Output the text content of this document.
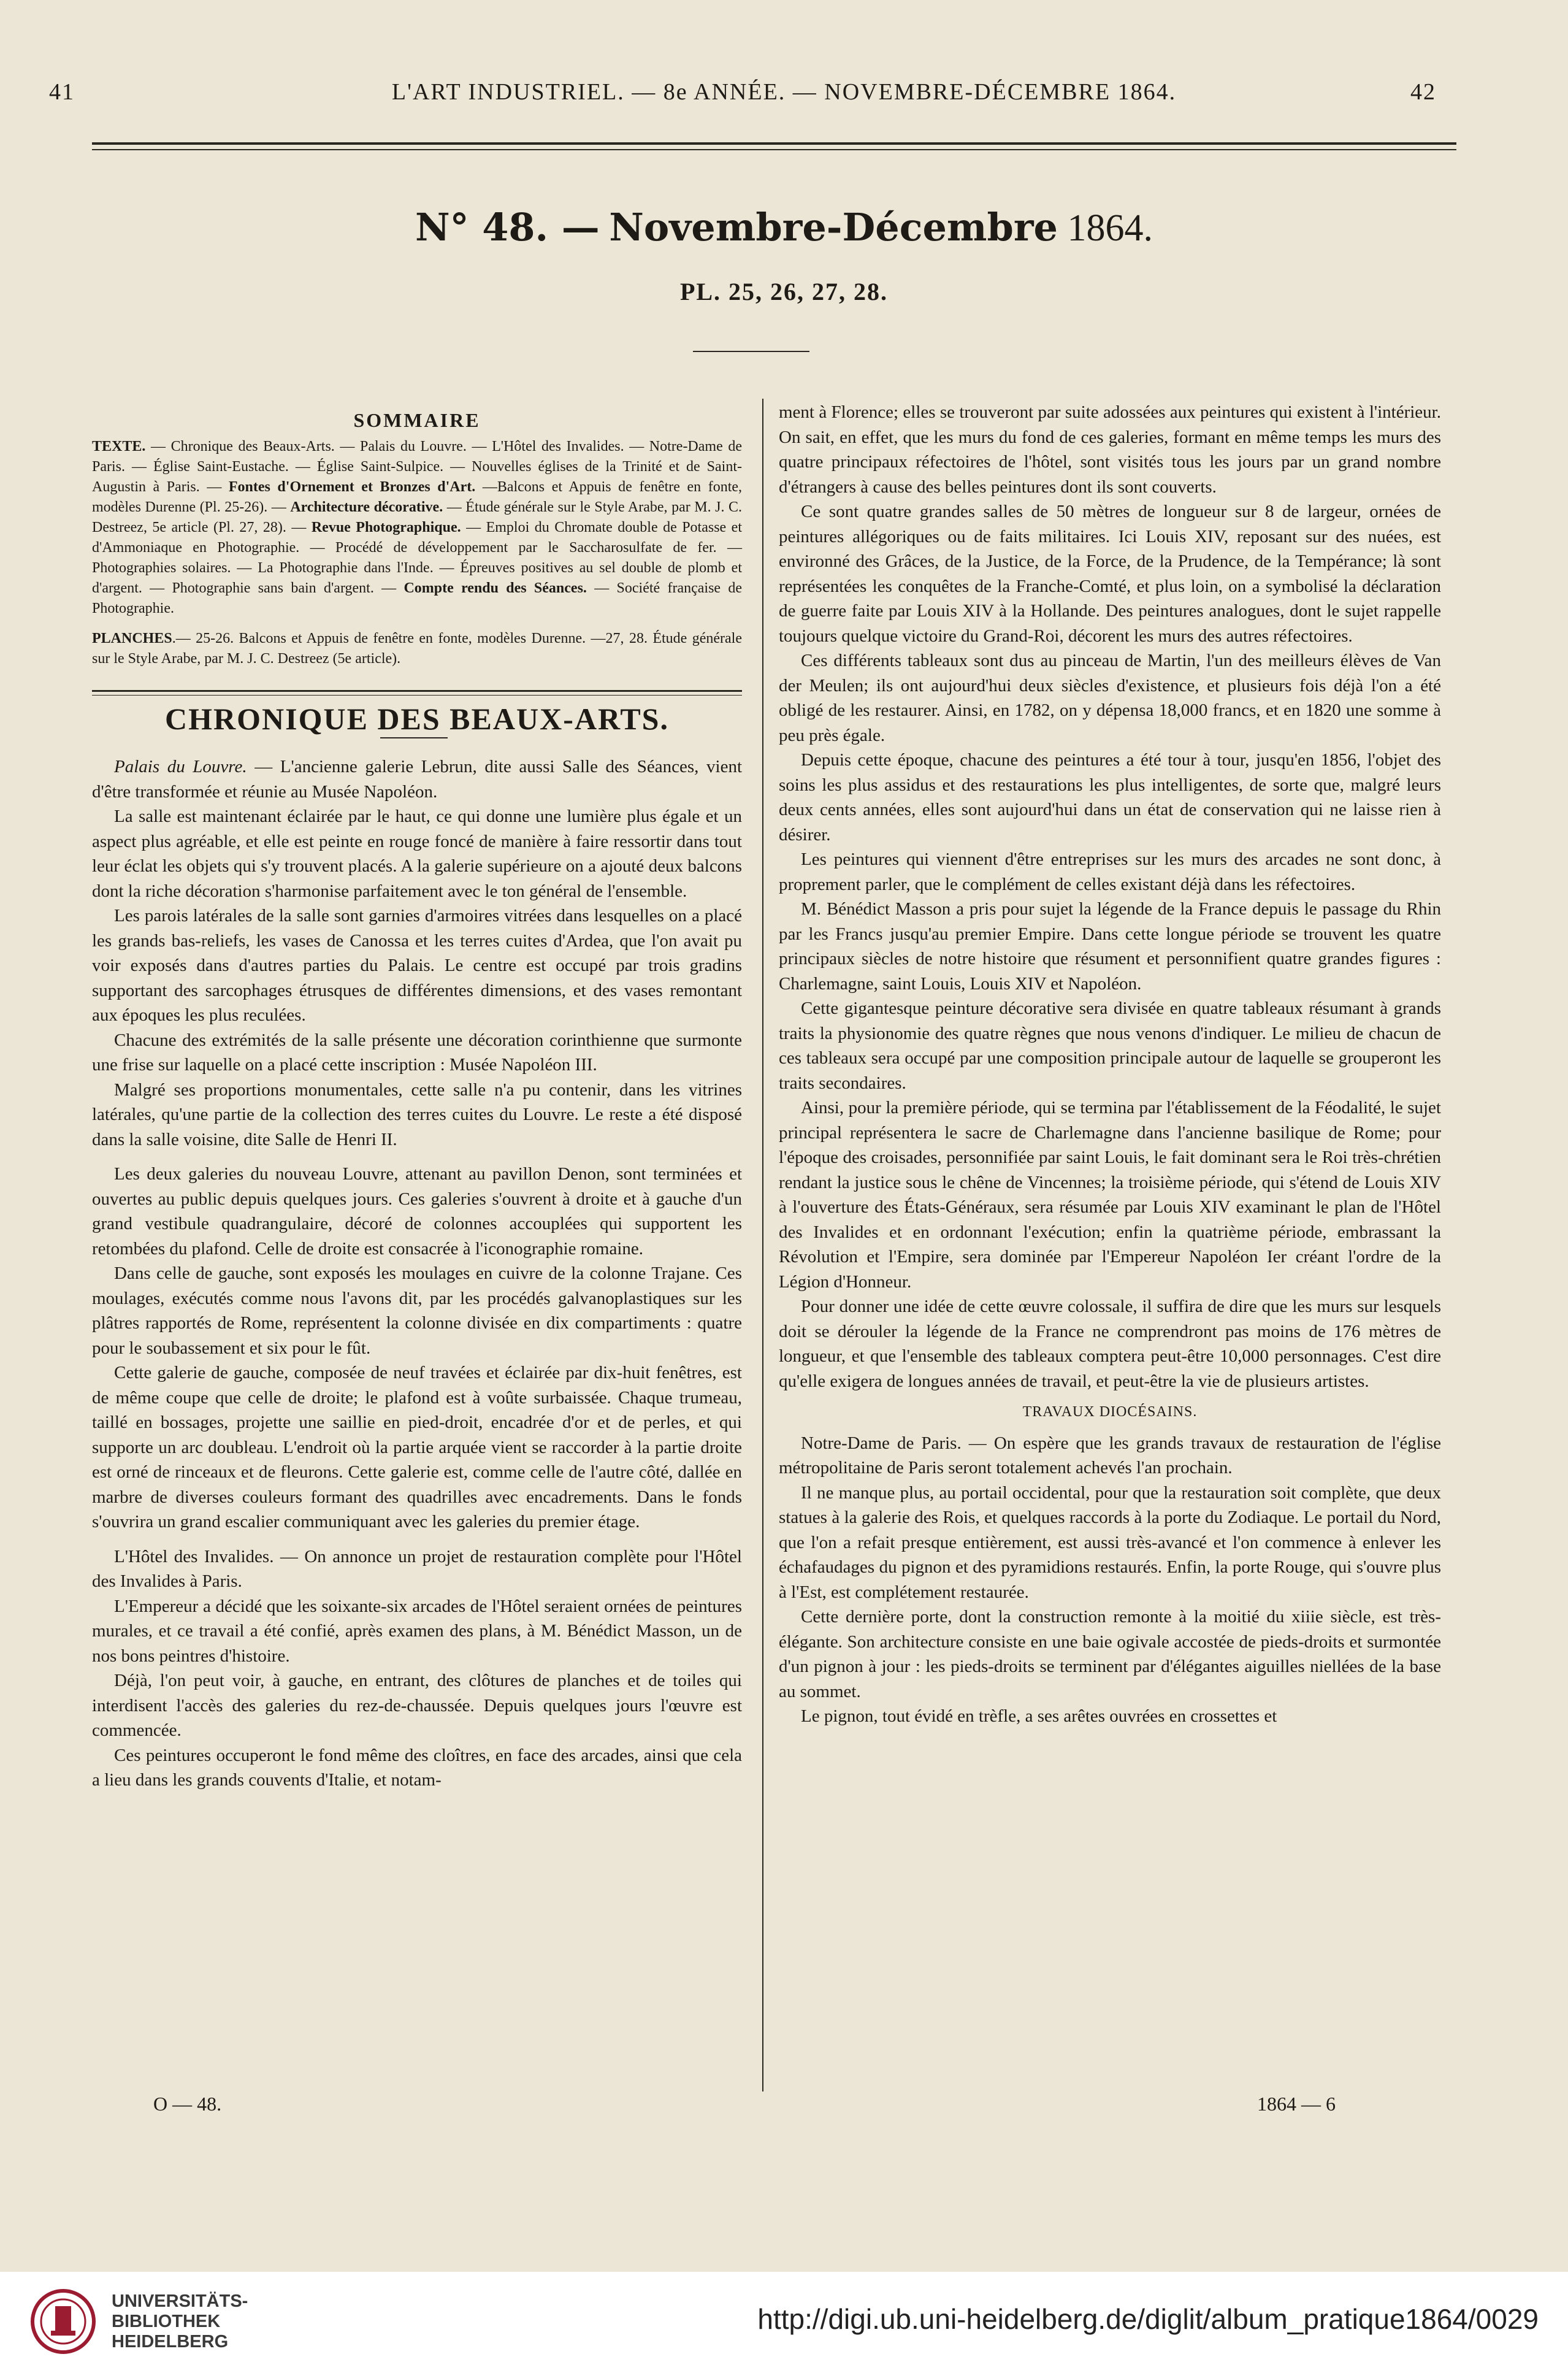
41	L'ART INDUSTRIEL. — 8e ANNÉE. — NOVEMBRE-DÉCEMBRE 1864.	42
N° 48. — Novembre-Décembre 1864.
PL. 25, 26, 27, 28.
SOMMAIRE

TEXTE. — Chronique des Beaux-Arts. — Palais du Louvre. — L'Hôtel des Invalides. — Notre-Dame de Paris. — Église Saint-Eustache. — Église Saint-Sulpice. — Nouvelles églises de la Trinité et de Saint-Augustin à Paris. — Fontes d'Ornement et Bronzes d'Art. —Balcons et Appuis de fenêtre en fonte, modèles Durenne (Pl. 25-26). — Architecture décorative. — Étude générale sur le Style Arabe, par M. J. C. Destreez, 5e article (Pl. 27, 28). — Revue Photographique. — Emploi du Chromate double de Potasse et d'Ammoniaque en Photographie. — Procédé de développement par le Saccharosulfate de fer. — Photographies solaires. — La Photographie dans l'Inde. — Épreuves positives au sel double de plomb et d'argent. — Photographie sans bain d'argent. — Compte rendu des Séances. — Société française de Photographie.

PLANCHES.— 25-26. Balcons et Appuis de fenêtre en fonte, modèles Durenne. —27, 28. Étude générale sur le Style Arabe, par M. J. C. Destreez (5e article).

CHRONIQUE DES BEAUX-ARTS.

Palais du Louvre. — L'ancienne galerie Lebrun, dite aussi Salle des Séances, vient d'être transformée et réunie au Musée Napoléon.

La salle est maintenant éclairée par le haut, ce qui donne une lumière plus égale et un aspect plus agréable, et elle est peinte en rouge foncé de manière à faire ressortir dans tout leur éclat les objets qui s'y trouvent placés. A la galerie supérieure on a ajouté deux balcons dont la riche décoration s'harmonise parfaitement avec le ton général de l'ensemble.

Les parois latérales de la salle sont garnies d'armoires vitrées dans lesquelles on a placé les grands bas-reliefs, les vases de Canossa et les terres cuites d'Ardea, que l'on avait pu voir exposés dans d'autres parties du Palais. Le centre est occupé par trois gradins supportant des sarcophages étrusques de différentes dimensions, et des vases remontant aux époques les plus reculées.

Chacune des extrémités de la salle présente une décoration corinthienne que surmonte une frise sur laquelle on a placé cette inscription : Musée Napoléon III.

Malgré ses proportions monumentales, cette salle n'a pu contenir, dans les vitrines latérales, qu'une partie de la collection des terres cuites du Louvre. Le reste a été disposé dans la salle voisine, dite Salle de Henri II.

Les deux galeries du nouveau Louvre, attenant au pavillon Denon, sont terminées et ouvertes au public depuis quelques jours. Ces galeries s'ouvrent à droite et à gauche d'un grand vestibule quadrangulaire, décoré de colonnes accouplées qui supportent les retombées du plafond. Celle de droite est consacrée à l'iconographie romaine.

Dans celle de gauche, sont exposés les moulages en cuivre de la colonne Trajane. Ces moulages, exécutés comme nous l'avons dit, par les procédés galvanoplastiques sur les plâtres rapportés de Rome, représentent la colonne divisée en dix compartiments : quatre pour le soubassement et six pour le fût.

Cette galerie de gauche, composée de neuf travées et éclairée par dix-huit fenêtres, est de même coupe que celle de droite; le plafond est à voûte surbaissée. Chaque trumeau, taillé en bossages, projette une saillie en pied-droit, encadrée d'or et de perles, et qui supporte un arc doubleau. L'endroit où la partie arquée vient se raccorder à la partie droite est orné de rinceaux et de fleurons. Cette galerie est, comme celle de l'autre côté, dallée en marbre de diverses couleurs formant des quadrilles avec encadrements. Dans le fonds s'ouvrira un grand escalier communiquant avec les galeries du premier étage.

L'Hôtel des Invalides. — On annonce un projet de restauration complète pour l'Hôtel des Invalides à Paris.

L'Empereur a décidé que les soixante-six arcades de l'Hôtel seraient ornées de peintures murales, et ce travail a été confié, après examen des plans, à M. Bénédict Masson, un de nos bons peintres d'histoire.

Déjà, l'on peut voir, à gauche, en entrant, des clôtures de planches et de toiles qui interdisent l'accès des galeries du rez-de-chaussée. Depuis quelques jours l'œuvre est commencée.

Ces peintures occuperont le fond même des cloîtres, en face des arcades, ainsi que cela a lieu dans les grands couvents d'Italie, et notam-

ment à Florence; elles se trouveront par suite adossées aux peintures qui existent à l'intérieur. On sait, en effet, que les murs du fond de ces galeries, formant en même temps les murs des quatre principaux réfectoires de l'hôtel, sont visités tous les jours par un grand nombre d'étrangers à cause des belles peintures dont ils sont couverts.

Ce sont quatre grandes salles de 50 mètres de longueur sur 8 de largeur, ornées de peintures allégoriques ou de faits militaires. Ici Louis XIV, reposant sur des nuées, est environné des Grâces, de la Justice, de la Force, de la Prudence, de la Tempérance; là sont représentées les conquêtes de la Franche-Comté, et plus loin, on a symbolisé la déclaration de guerre faite par Louis XIV à la Hollande. Des peintures analogues, dont le sujet rappelle toujours quelque victoire du Grand-Roi, décorent les murs des autres réfectoires.

Ces différents tableaux sont dus au pinceau de Martin, l'un des meilleurs élèves de Van der Meulen; ils ont aujourd'hui deux siècles d'existence, et plusieurs fois déjà l'on a été obligé de les restaurer. Ainsi, en 1782, on y dépensa 18,000 francs, et en 1820 une somme à peu près égale.

Depuis cette époque, chacune des peintures a été tour à tour, jusqu'en 1856, l'objet des soins les plus assidus et des restaurations les plus intelligentes, de sorte que, malgré leurs deux cents années, elles sont aujourd'hui dans un état de conservation qui ne laisse rien à désirer.

Les peintures qui viennent d'être entreprises sur les murs des arcades ne sont donc, à proprement parler, que le complément de celles existant déjà dans les réfectoires.

M. Bénédict Masson a pris pour sujet la légende de la France depuis le passage du Rhin par les Francs jusqu'au premier Empire. Dans cette longue période se trouvent les quatre principaux siècles de notre histoire que résument et personnifient quatre grandes figures : Charlemagne, saint Louis, Louis XIV et Napoléon.

Cette gigantesque peinture décorative sera divisée en quatre tableaux résumant à grands traits la physionomie des quatre règnes que nous venons d'indiquer. Le milieu de chacun de ces tableaux sera occupé par une composition principale autour de laquelle se grouperont les traits secondaires.

Ainsi, pour la première période, qui se termina par l'établissement de la Féodalité, le sujet principal représentera le sacre de Charlemagne dans l'ancienne basilique de Rome; pour l'époque des croisades, personnifiée par saint Louis, le fait dominant sera le Roi très-chrétien rendant la justice sous le chêne de Vincennes; la troisième période, qui s'étend de Louis XIV à l'ouverture des États-Généraux, sera résumée par Louis XIV examinant le plan de l'Hôtel des Invalides et en ordonnant l'exécution; enfin la quatrième période, embrassant la Révolution et l'Empire, sera dominée par l'Empereur Napoléon Ier créant l'ordre de la Légion d'Honneur.

Pour donner une idée de cette œuvre colossale, il suffira de dire que les murs sur lesquels doit se dérouler la légende de la France ne comprendront pas moins de 176 mètres de longueur, et que l'ensemble des tableaux comptera peut-être 10,000 personnages. C'est dire qu'elle exigera de longues années de travail, et peut-être la vie de plusieurs artistes.

TRAVAUX DIOCÉSAINS.

Notre-Dame de Paris. — On espère que les grands travaux de restauration de l'église métropolitaine de Paris seront totalement achevés l'an prochain.

Il ne manque plus, au portail occidental, pour que la restauration soit complète, que deux statues à la galerie des Rois, et quelques raccords à la porte du Zodiaque. Le portail du Nord, que l'on a refait presque entièrement, est aussi très-avancé et l'on commence à enlever les échafaudages du pignon et des pyramidions restaurés. Enfin, la porte Rouge, qui s'ouvre plus à l'Est, est complétement restaurée.

Cette dernière porte, dont la construction remonte à la moitié du xiiie siècle, est très-élégante. Son architecture consiste en une baie ogivale accostée de pieds-droits et surmontée d'un pignon à jour : les pieds-droits se terminent par d'élégantes aiguilles niellées de la base au sommet.

Le pignon, tout évidé en trèfle, a ses arêtes ouvrées en crossettes et

O — 48.	1864 — 6
UNIVERSITÄTS-
BIBLIOTHEK
HEIDELBERG
http://digi.ub.uni-heidelberg.de/diglit/album_pratique1864/0029
